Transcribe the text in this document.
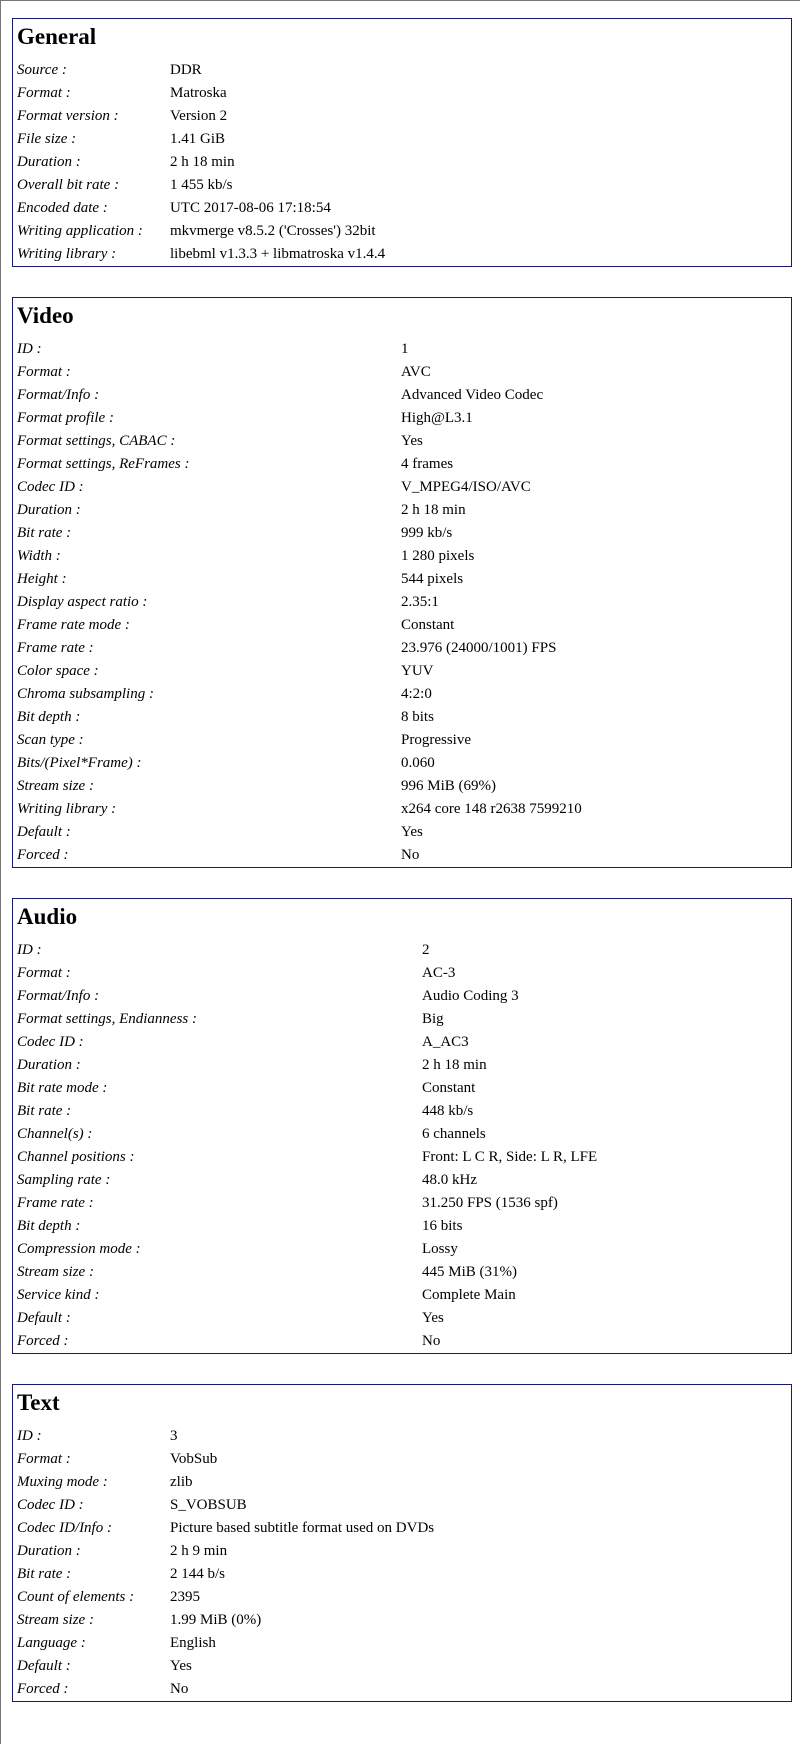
General
Source :	DDR
Format :	Matroska
Format version :	Version 2
File size :	1.41 GiB
Duration :	2 h 18 min
Overall bit rate :	1 455 kb/s
Encoded date :	UTC 2017-08-06 17:18:54
Writing application :	mkvmerge v8.5.2 ('Crosses') 32bit
Writing library :	libebml v1.3.3 + libmatroska v1.4.4
Video
ID :	1
Format :	AVC
Format/Info :	Advanced Video Codec
Format profile :	High@L3.1
Format settings, CABAC :	Yes
Format settings, ReFrames :	4 frames
Codec ID :	V_MPEG4/ISO/AVC
Duration :	2 h 18 min
Bit rate :	999 kb/s
Width :	1 280 pixels
Height :	544 pixels
Display aspect ratio :	2.35:1
Frame rate mode :	Constant
Frame rate :	23.976 (24000/1001) FPS
Color space :	YUV
Chroma subsampling :	4:2:0
Bit depth :	8 bits
Scan type :	Progressive
Bits/(Pixel*Frame) :	0.060
Stream size :	996 MiB (69%)
Writing library :	x264 core 148 r2638 7599210
Default :	Yes
Forced :	No
Audio
ID :	2
Format :	AC-3
Format/Info :	Audio Coding 3
Format settings, Endianness :	Big
Codec ID :	A_AC3
Duration :	2 h 18 min
Bit rate mode :	Constant
Bit rate :	448 kb/s
Channel(s) :	6 channels
Channel positions :	Front: L C R, Side: L R, LFE
Sampling rate :	48.0 kHz
Frame rate :	31.250 FPS (1536 spf)
Bit depth :	16 bits
Compression mode :	Lossy
Stream size :	445 MiB (31%)
Service kind :	Complete Main
Default :	Yes
Forced :	No
Text
ID :	3
Format :	VobSub
Muxing mode :	zlib
Codec ID :	S_VOBSUB
Codec ID/Info :	Picture based subtitle format used on DVDs
Duration :	2 h 9 min
Bit rate :	2 144 b/s
Count of elements :	2395
Stream size :	1.99 MiB (0%)
Language :	English
Default :	Yes
Forced :	No
